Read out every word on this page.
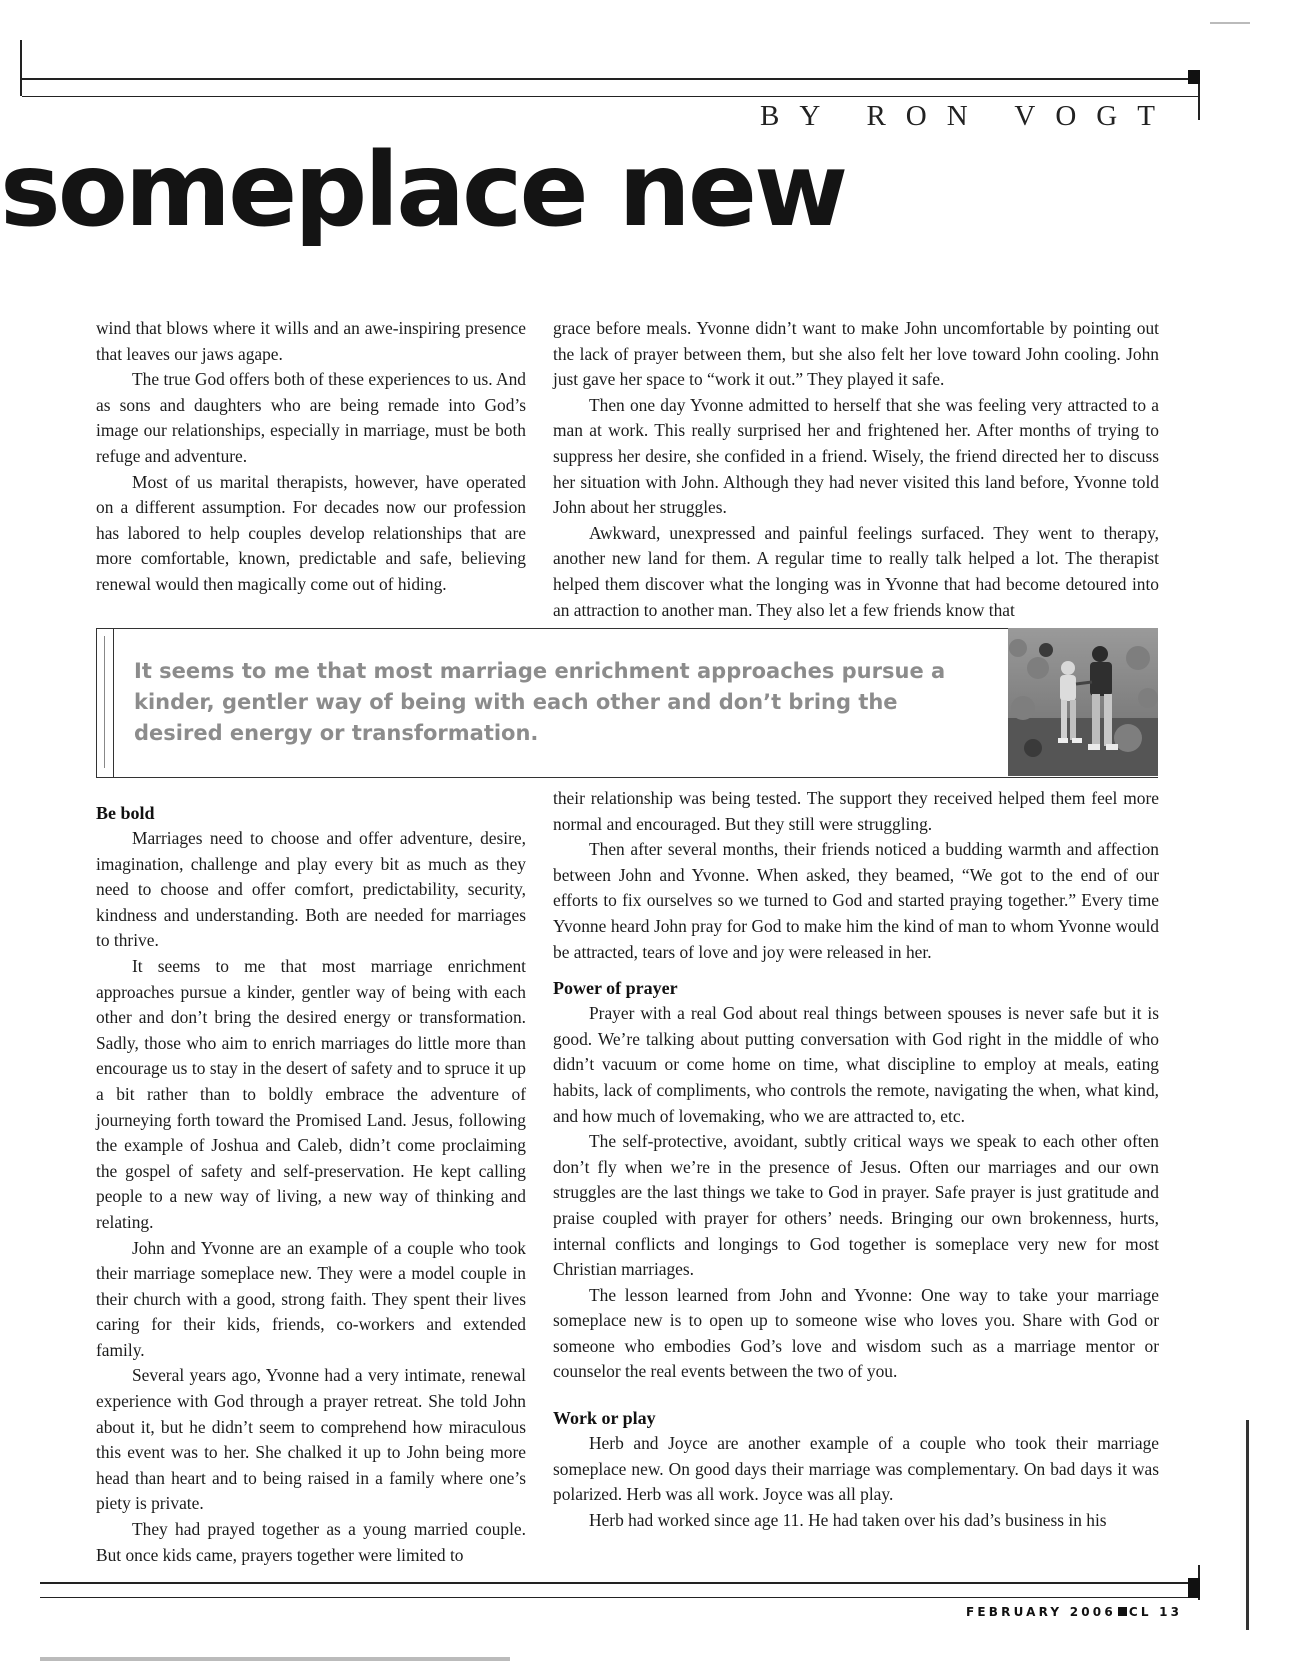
BY RON VOGT
someplace new

wind that blows where it wills and an awe-inspiring presence that leaves our jaws agape.

The true God offers both of these experiences to us. And as sons and daughters who are being remade into God’s image our relationships, especially in marriage, must be both refuge and adventure.

Most of us marital therapists, however, have operated on a different assumption. For decades now our profession has labored to help couples develop relationships that are more comfortable, known, predictable and safe, believing renewal would then magically come out of hiding.

grace before meals. Yvonne didn’t want to make John uncomfortable by pointing out the lack of prayer between them, but she also felt her love toward John cooling. John just gave her space to “work it out.” They played it safe.

Then one day Yvonne admitted to herself that she was feeling very attracted to a man at work. This really surprised her and frightened her. After months of trying to suppress her desire, she confided in a friend. Wisely, the friend directed her to discuss her situation with John. Although they had never visited this land before, Yvonne told John about her struggles.

Awkward, unexpressed and painful feelings surfaced. They went to therapy, another new land for them. A regular time to really talk helped a lot. The therapist helped them discover what the longing was in Yvonne that had become detoured into an attraction to another man. They also let a few friends know that

It seems to me that most marriage enrichment approaches pursue a kinder, gentler way of being with each other and don’t bring the desired energy or transformation.
Be bold

Marriages need to choose and offer adventure, desire, imagination, challenge and play every bit as much as they need to choose and offer comfort, predictability, security, kindness and understanding. Both are needed for marriages to thrive.

It seems to me that most marriage enrichment approaches pursue a kinder, gentler way of being with each other and don’t bring the desired energy or transformation. Sadly, those who aim to enrich marriages do little more than encourage us to stay in the desert of safety and to spruce it up a bit rather than to boldly embrace the adventure of journeying forth toward the Promised Land. Jesus, following the example of Joshua and Caleb, didn’t come proclaiming the gospel of safety and self-preservation. He kept calling people to a new way of living, a new way of thinking and relating.

John and Yvonne are an example of a couple who took their marriage someplace new. They were a model couple in their church with a good, strong faith. They spent their lives caring for their kids, friends, co-workers and extended family.

Several years ago, Yvonne had a very intimate, renewal experience with God through a prayer retreat. She told John about it, but he didn’t seem to comprehend how miraculous this event was to her. She chalked it up to John being more head than heart and to being raised in a family where one’s piety is private.

They had prayed together as a young married couple. But once kids came, prayers together were limited to

their relationship was being tested. The support they received helped them feel more normal and encouraged. But they still were struggling.

Then after several months, their friends noticed a budding warmth and affection between John and Yvonne. When asked, they beamed, “We got to the end of our efforts to fix ourselves so we turned to God and started praying together.” Every time Yvonne heard John pray for God to make him the kind of man to whom Yvonne would be attracted, tears of love and joy were released in her.

Power of prayer

Prayer with a real God about real things between spouses is never safe but it is good. We’re talking about putting conversation with God right in the middle of who didn’t vacuum or come home on time, what discipline to employ at meals, eating habits, lack of compliments, who controls the remote, navigating the when, what kind, and how much of lovemaking, who we are attracted to, etc.

The self-protective, avoidant, subtly critical ways we speak to each other often don’t fly when we’re in the presence of Jesus. Often our marriages and our own struggles are the last things we take to God in prayer. Safe prayer is just gratitude and praise coupled with prayer for others’ needs. Bringing our own brokenness, hurts, internal conflicts and longings to God together is someplace very new for most Christian marriages.

The lesson learned from John and Yvonne: One way to take your marriage someplace new is to open up to someone wise who loves you. Share with God or someone who embodies God’s love and wisdom such as a marriage mentor or counselor the real events between the two of you.

Work or play

Herb and Joyce are another example of a couple who took their marriage someplace new. On good days their marriage was complementary. On bad days it was polarized. Herb was all work. Joyce was all play.

Herb had worked since age 11. He had taken over his dad’s business in his

FEBRUARY 2006 CL 13
